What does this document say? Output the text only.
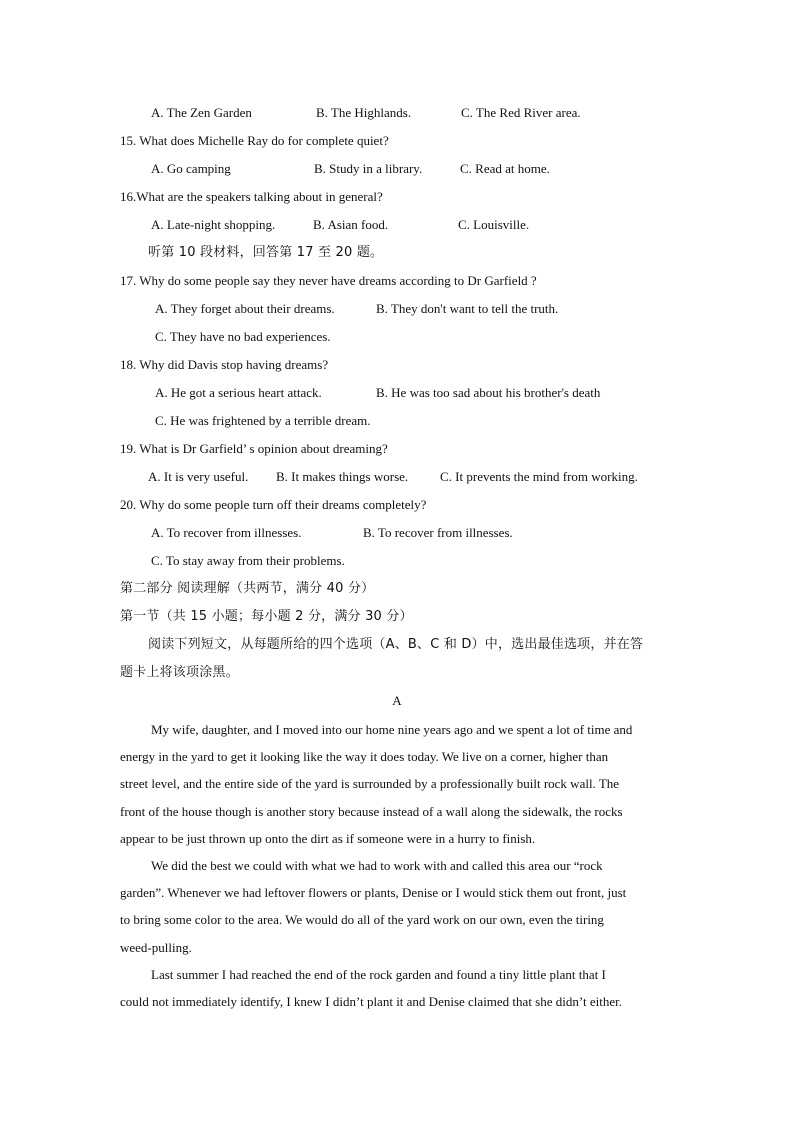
A. The Zen Garden	B. The Highlands.	C. The Red River area.
15. What does Michelle Ray do for complete quiet?
A. Go camping	B. Study in a library.	C. Read at home.
16.What are the speakers talking about in general?
A. Late-night shopping.	B. Asian food.	C. Louisville.
听第 10 段材料，回答第 17 至 20 题。
17. Why do some people say they never have dreams according to Dr Garfield ?
A. They forget about their dreams.	B. They don't want to tell the truth.
C. They have no bad experiences.
18. Why did Davis stop having dreams?
A. He got a serious heart attack.	B. He was too sad about his brother's death
C. He was frightened by a terrible dream.
19. What is Dr Garfield’ s opinion about dreaming?
A. It is very useful. B. It makes things worse. C. It prevents the mind from working.
20. Why do some people turn off their dreams completely?
A. To recover from illnesses.	B. To recover from illnesses.
C. To stay away from their problems.
第二部分 阅读理解（共两节，满分 40 分）
第一节（共 15 小题；每小题 2 分，满分 30 分）
阅读下列短文，从每题所给的四个选项（A、B、C 和 D）中，选出最佳选项，并在答
题卡上将该项涂黑。
A
My wife, daughter, and I moved into our home nine years ago and we spent a lot of time and
energy in the yard to get it looking like the way it does today. We live on a corner, higher than
street level, and the entire side of the yard is surrounded by a professionally built rock wall. The
front of the house though is another story because instead of a wall along the sidewalk, the rocks
appear to be just thrown up onto the dirt as if someone were in a hurry to finish.
We did the best we could with what we had to work with and called this area our “rock
garden”. Whenever we had leftover flowers or plants, Denise or I would stick them out front, just
to bring some color to the area. We would do all of the yard work on our own, even the tiring
weed-pulling.
Last summer I had reached the end of the rock garden and found a tiny little plant that I
could not immediately identify, I knew I didn’t plant it and Denise claimed that she didn’t either.
